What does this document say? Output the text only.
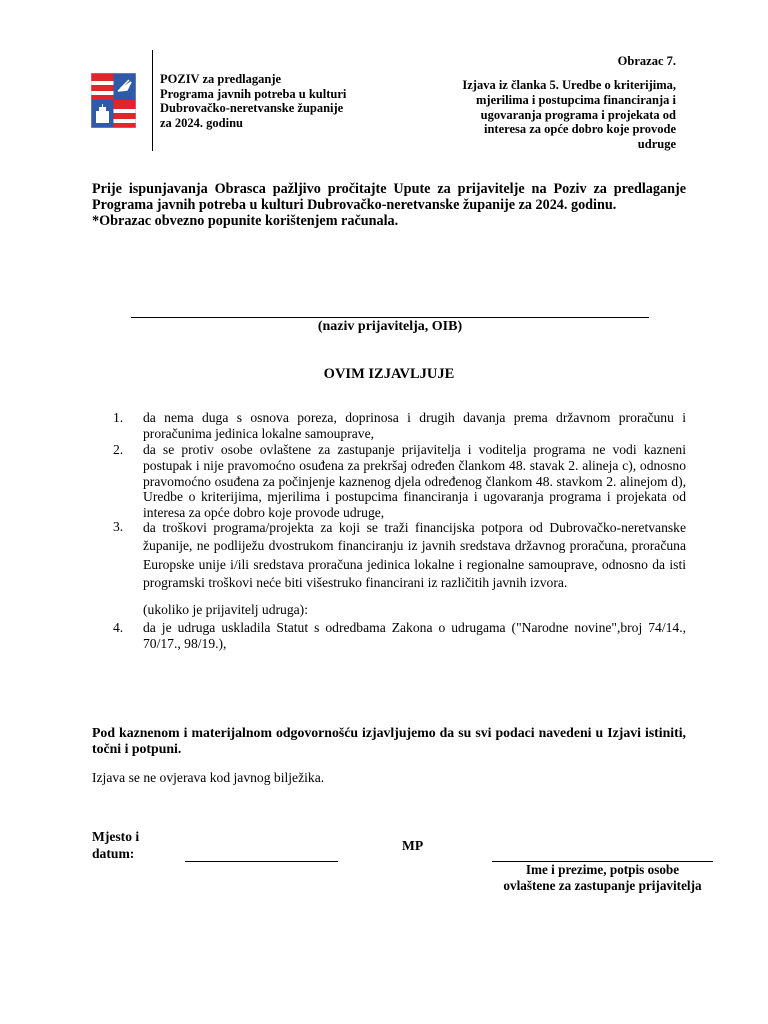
POZIV za predlaganje
Programa javnih potreba u kulturi
Dubrovačko-neretvanske županije
za 2024. godinu
Obrazac 7.
Izjava iz članka 5. Uredbe o kriterijima,
mjerilima i postupcima financiranja i
ugovaranja programa i projekata od
interesa za opće dobro koje provode
udruge
Prije ispunjavanja Obrasca pažljivo pročitajte Upute za prijavitelje na Poziv za predlaganje Programa javnih potreba u kulturi Dubrovačko-neretvanske županije za 2024. godinu.
*Obrazac obvezno popunite korištenjem računala.
(naziv prijavitelja, OIB)
OVIM IZJAVLJUJE
1.	da nema duga s osnova poreza, doprinosa i drugih davanja prema državnom proračunu i proračunima jedinica lokalne samouprave,
2.	da se protiv osobe ovlaštene za zastupanje prijavitelja i voditelja programa ne vodi kazneni postupak i nije pravomoćno osuđena za prekršaj određen člankom 48. stavak 2. alineja c), odnosno pravomoćno osuđena za počinjenje kaznenog djela određenog člankom 48. stavkom 2. alinejom d), Uredbe o kriterijima, mjerilima i postupcima financiranja i ugovaranja programa i projekata od interesa za opće dobro koje provode udruge,
3.	da troškovi programa/projekta za koji se traži financijska potpora od Dubrovačko-neretvanske županije, ne podliježu dvostrukom financiranju iz javnih sredstava državnog proračuna, proračuna Europske unije i/ili sredstava proračuna jedinica lokalne i regionalne samouprave, odnosno da isti programski troškovi neće biti višestruko financirani iz različitih javnih izvora.
(ukoliko je prijavitelj udruga):
4.	da je udruga uskladila Statut s odredbama Zakona o udrugama ("Narodne novine",broj 74/14., 70/17., 98/19.),
Pod kaznenom i materijalnom odgovornošću izjavljujemo da su svi podaci navedeni u Izjavi istiniti, točni i potpuni.
Izjava se ne ovjerava kod javnog bilježika.
Mjesto i
datum:	MP
Ime i prezime, potpis osobe
ovlaštene za zastupanje prijavitelja
